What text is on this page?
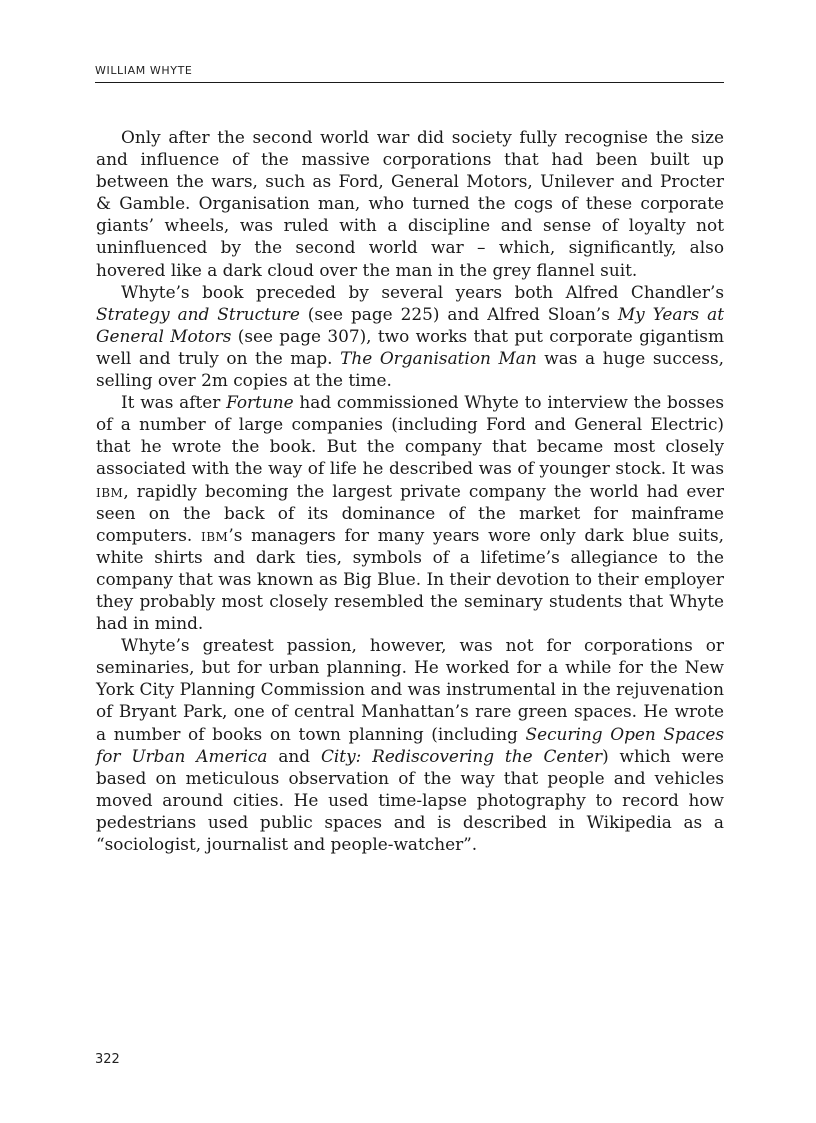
WILLIAM WHYTE

Only after the second world war did society fully recognise the size and influence of the massive corporations that had been built up between the wars, such as Ford, General Motors, Unilever and Procter & Gamble. Organisation man, who turned the cogs of these corporate giants’ wheels, was ruled with a discipline and sense of loyalty not uninfluenced by the second world war – which, significantly, also hovered like a dark cloud over the man in the grey flannel suit.

Whyte’s book preceded by several years both Alfred Chandler’s Strategy and Structure (see page 225) and Alfred Sloan’s My Years at General Motors (see page 307), two works that put corporate gigantism well and truly on the map. The Organisation Man was a huge success, selling over 2m copies at the time.

It was after Fortune had commissioned Whyte to interview the bosses of a number of large companies (including Ford and General Electric) that he wrote the book. But the company that became most closely associated with the way of life he described was of younger stock. It was ibm, rapidly becoming the largest private company the world had ever seen on the back of its dominance of the market for mainframe computers. ibm’s managers for many years wore only dark blue suits, white shirts and dark ties, symbols of a lifetime’s allegiance to the company that was known as Big Blue. In their devotion to their employer they probably most closely resembled the seminary students that Whyte had in mind.

Whyte’s greatest passion, however, was not for corporations or seminaries, but for urban planning. He worked for a while for the New York City Planning Commission and was instrumental in the rejuvenation of Bryant Park, one of central Manhattan’s rare green spaces. He wrote a number of books on town planning (including Securing Open Spaces for Urban America and City: Rediscovering the Center) which were based on meticulous observation of the way that people and vehicles moved around cities. He used time-lapse photography to record how pedestrians used public spaces and is described in Wikipedia as a “sociologist, journalist and people-watcher”.

322
